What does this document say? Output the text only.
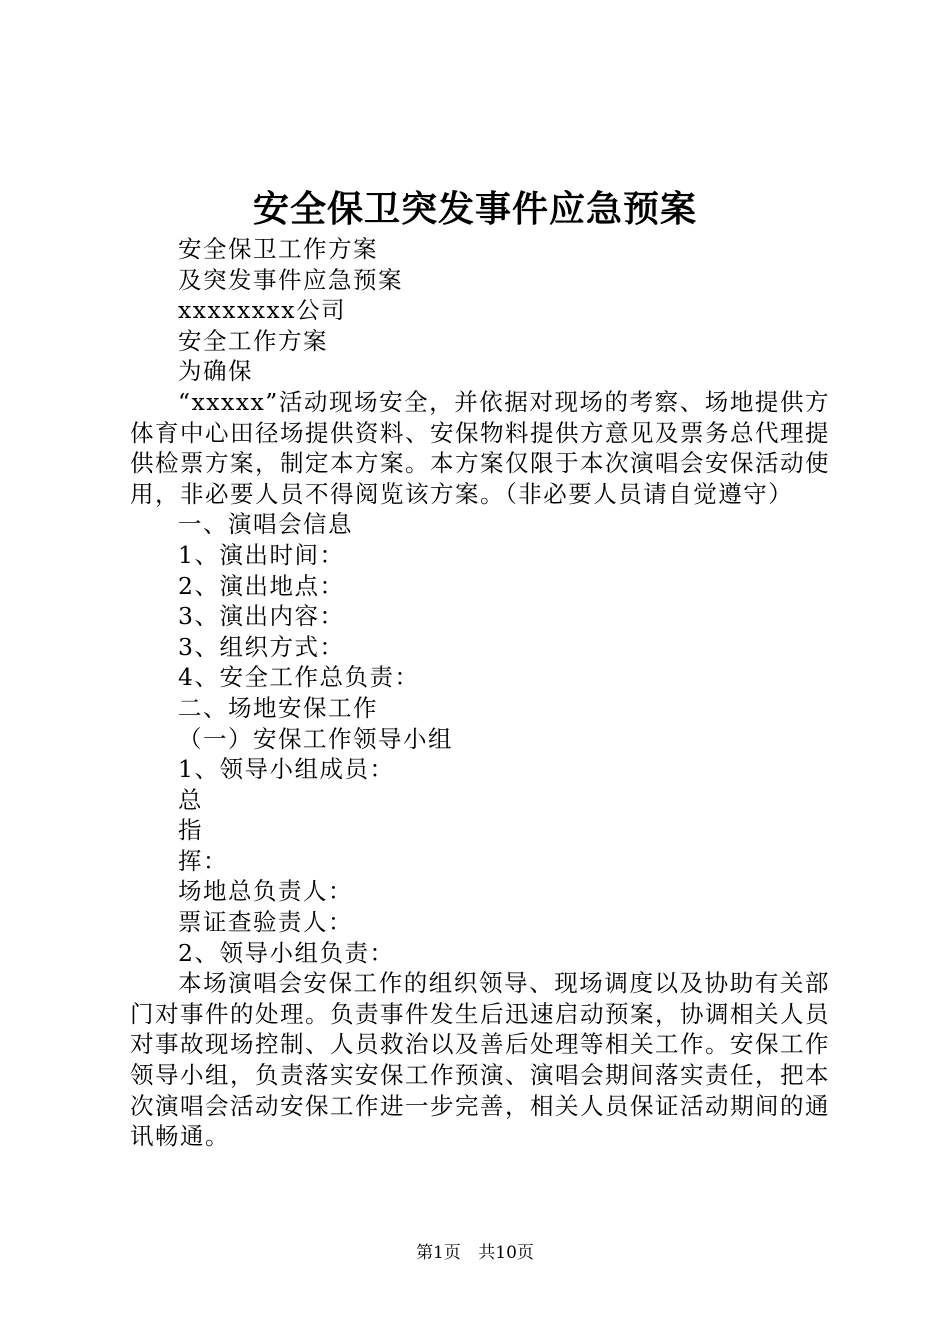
安全保卫突发事件应急预案
安全保卫工作方案
及突发事件应急预案
xxxxxxxx公司
安全工作方案
为确保
“xxxxx”活动现场安全，并依据对现场的考察、场地提供方体育中心田径场提供资料、安保物料提供方意见及票务总代理提供检票方案，制定本方案。本方案仅限于本次演唱会安保活动使用，非必要人员不得阅览该方案。（非必要人员请自觉遵守）
一、演唱会信息
1、演出时间：
2、演出地点：
3、演出内容：
3、组织方式：
4、安全工作总负责：
二、场地安保工作
（一）安保工作领导小组
1、领导小组成员：
总
指
挥：
场地总负责人：
票证查验责人：
2、领导小组负责：
本场演唱会安保工作的组织领导、现场调度以及协助有关部门对事件的处理。负责事件发生后迅速启动预案，协调相关人员对事故现场控制、人员救治以及善后处理等相关工作。安保工作领导小组，负责落实安保工作预演、演唱会期间落实责任，把本次演唱会活动安保工作进一步完善，相关人员保证活动期间的通讯畅通。
第1页 共10页
